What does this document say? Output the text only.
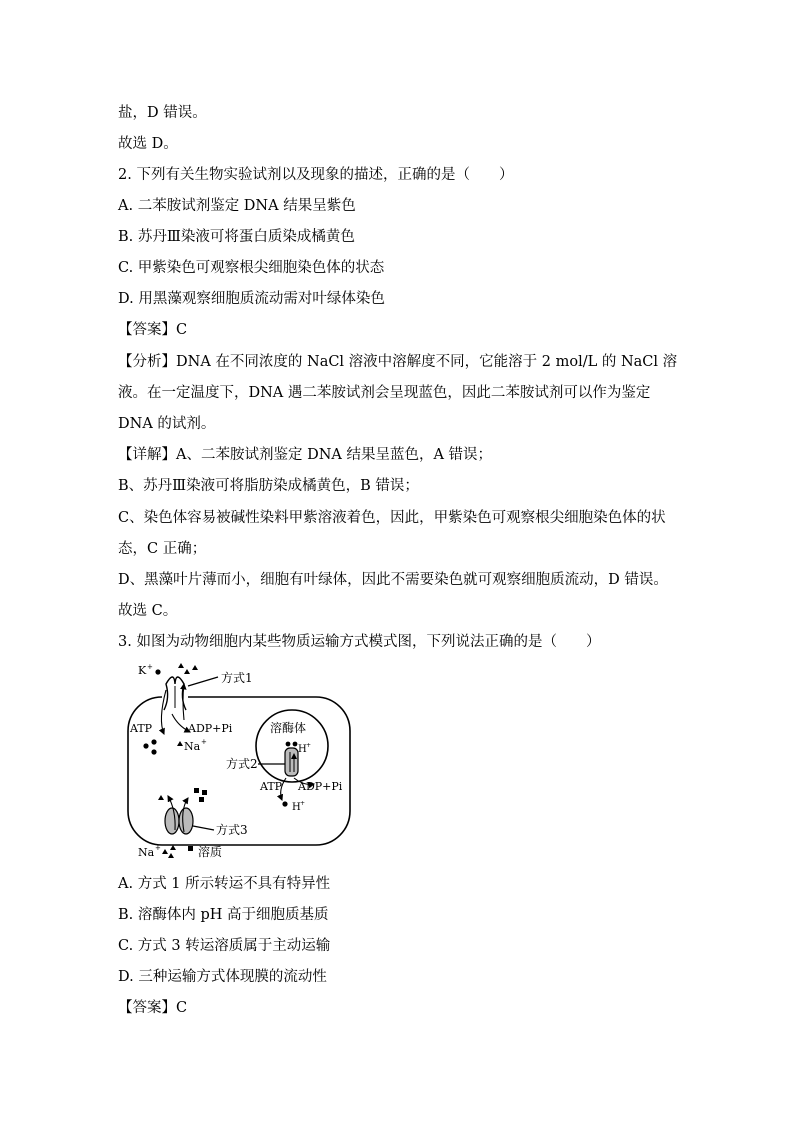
盐，D 错误。
故选 D。
2. 下列有关生物实验试剂以及现象的描述，正确的是（　　）
A. 二苯胺试剂鉴定 DNA 结果呈紫色
B. 苏丹Ⅲ染液可将蛋白质染成橘黄色
C. 甲紫染色可观察根尖细胞染色体的状态
D. 用黑藻观察细胞质流动需对叶绿体染色
【答案】C
【分析】DNA 在不同浓度的 NaCl 溶液中溶解度不同，它能溶于 2 mol/L 的 NaCl 溶液。在一定温度下，DNA 遇二苯胺试剂会呈现蓝色，因此二苯胺试剂可以作为鉴定 DNA 的试剂。
【详解】A、二苯胺试剂鉴定 DNA 结果呈蓝色，A 错误；
B、苏丹Ⅲ染液可将脂肪染成橘黄色，B 错误；
C、染色体容易被碱性染料甲紫溶液着色，因此，甲紫染色可观察根尖细胞染色体的状态，C 正确；
D、黑藻叶片薄而小，细胞有叶绿体，因此不需要染色就可观察细胞质流动，D 错误。
故选 C。
3. 如图为动物细胞内某些物质运输方式模式图，下列说法正确的是（　　）
K +
方式1
ATP	ADP+Pi
Na +
溶酶体
H +
方式2
ATP ADP+Pi
H +
方式3
Na +	溶质
A. 方式 1 所示转运不具有特异性
B. 溶酶体内 pH 高于细胞质基质
C. 方式 3 转运溶质属于主动运输
D. 三种运输方式体现膜的流动性
【答案】C
